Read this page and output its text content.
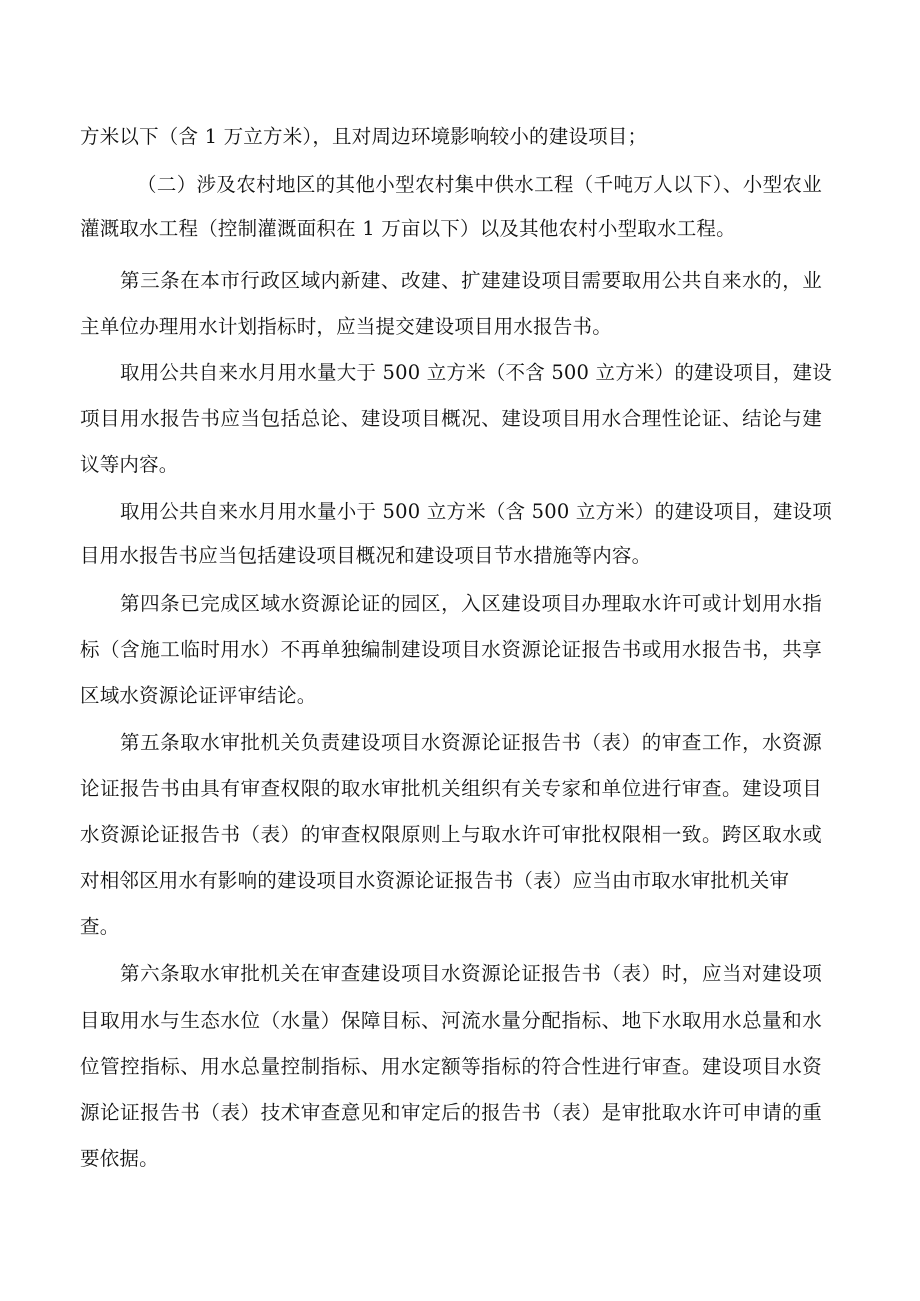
方米以下（含 1 万立方米），且对周边环境影响较小的建设项目；
（二）涉及农村地区的其他小型农村集中供水工程（千吨万人以下）、小型农业
灌溉取水工程（控制灌溉面积在 1 万亩以下）以及其他农村小型取水工程。
第三条在本市行政区域内新建、改建、扩建建设项目需要取用公共自来水的，业
主单位办理用水计划指标时，应当提交建设项目用水报告书。
取用公共自来水月用水量大于 500 立方米（不含 500 立方米）的建设项目，建设
项目用水报告书应当包括总论、建设项目概况、建设项目用水合理性论证、结论与建
议等内容。
取用公共自来水月用水量小于 500 立方米（含 500 立方米）的建设项目，建设项
目用水报告书应当包括建设项目概况和建设项目节水措施等内容。
第四条已完成区域水资源论证的园区，入区建设项目办理取水许可或计划用水指
标（含施工临时用水）不再单独编制建设项目水资源论证报告书或用水报告书，共享
区域水资源论证评审结论。
第五条取水审批机关负责建设项目水资源论证报告书（表）的审查工作，水资源
论证报告书由具有审查权限的取水审批机关组织有关专家和单位进行审查。建设项目
水资源论证报告书（表）的审查权限原则上与取水许可审批权限相一致。跨区取水或
对相邻区用水有影响的建设项目水资源论证报告书（表）应当由市取水审批机关审
查。
第六条取水审批机关在审查建设项目水资源论证报告书（表）时，应当对建设项
目取用水与生态水位（水量）保障目标、河流水量分配指标、地下水取用水总量和水
位管控指标、用水总量控制指标、用水定额等指标的符合性进行审查。建设项目水资
源论证报告书（表）技术审查意见和审定后的报告书（表）是审批取水许可申请的重
要依据。
